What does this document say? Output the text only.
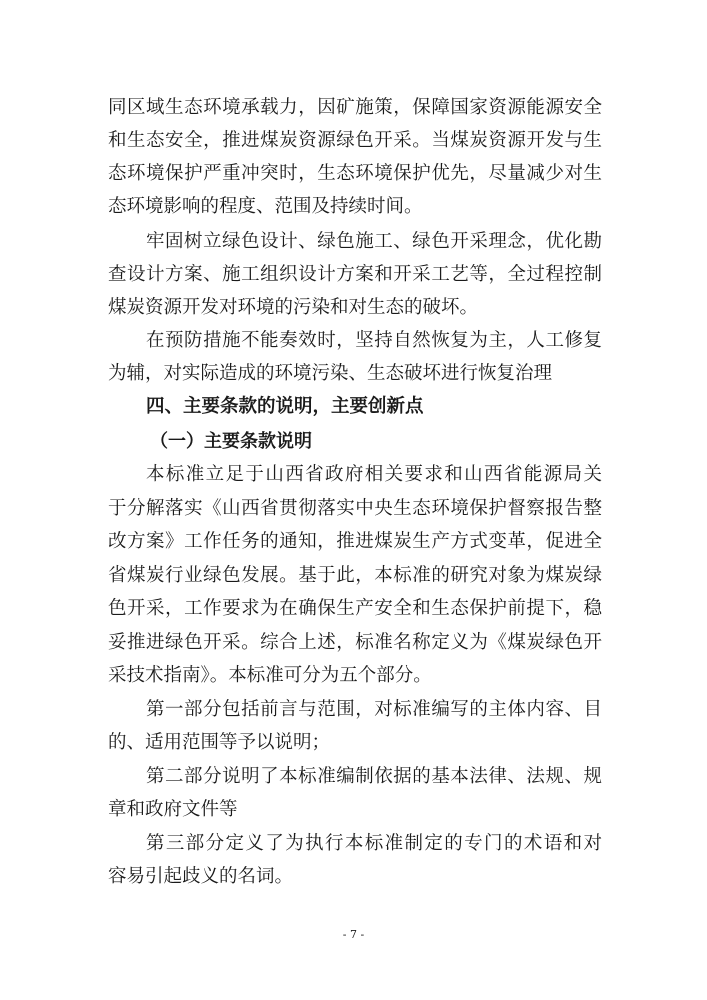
同区域生态环境承载力，因矿施策，保障国家资源能源安全
和生态安全，推进煤炭资源绿色开采。当煤炭资源开发与生
态环境保护严重冲突时，生态环境保护优先，尽量减少对生
态环境影响的程度、范围及持续时间。
牢固树立绿色设计、绿色施工、绿色开采理念，优化勘
查设计方案、施工组织设计方案和开采工艺等，全过程控制
煤炭资源开发对环境的污染和对生态的破坏。
在预防措施不能奏效时，坚持自然恢复为主，人工修复
为辅，对实际造成的环境污染、生态破坏进行恢复治理
四、主要条款的说明，主要创新点
（一）主要条款说明
本标准立足于山西省政府相关要求和山西省能源局关
于分解落实《山西省贯彻落实中央生态环境保护督察报告整
改方案》工作任务的通知，推进煤炭生产方式变革，促进全
省煤炭行业绿色发展。基于此，本标准的研究对象为煤炭绿
色开采，工作要求为在确保生产安全和生态保护前提下，稳
妥推进绿色开采。综合上述，标准名称定义为《煤炭绿色开
采技术指南》。本标准可分为五个部分。
第一部分包括前言与范围，对标准编写的主体内容、目
的、适用范围等予以说明；
第二部分说明了本标准编制依据的基本法律、法规、规
章和政府文件等
第三部分定义了为执行本标准制定的专门的术语和对
容易引起歧义的名词。
- 7 -
